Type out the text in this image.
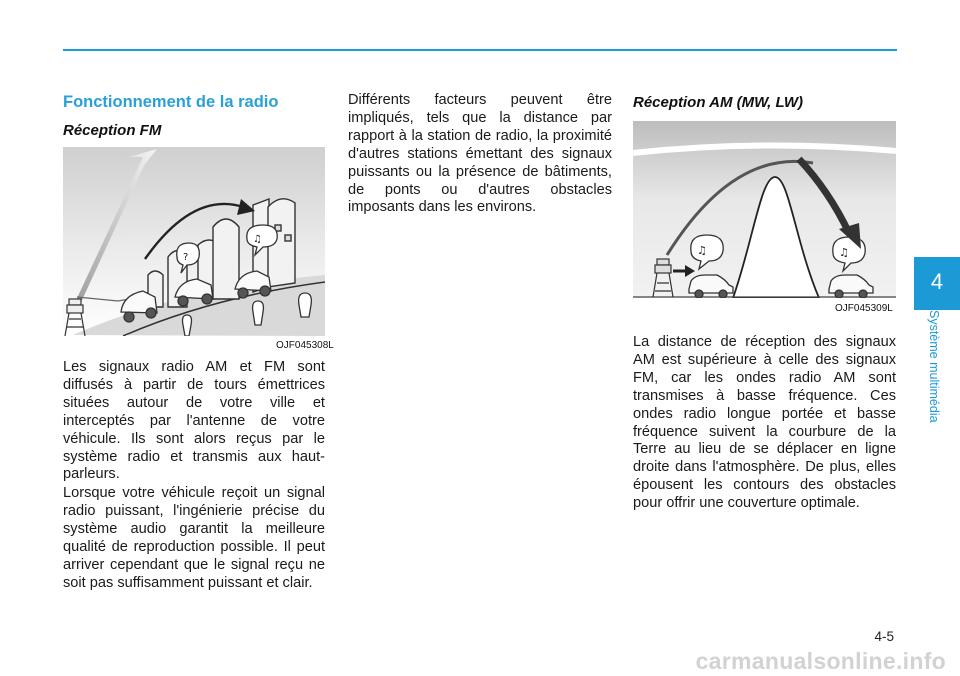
Fonctionnement de la radio
Réception FM
?
♫
OJF045308L

Les signaux radio AM et FM sont diffusés à partir de tours émettrices situées autour de votre ville et interceptés par l'antenne de votre véhicule. Ils sont alors reçus par le système radio et transmis aux haut-parleurs.

Lorsque votre véhicule reçoit un signal radio puissant, l'ingénierie précise du système audio garantit la meilleure qualité de reproduction possible. Il peut arriver cependant que le signal reçu ne soit pas suffisamment puissant et clair.

Différents facteurs peuvent être impliqués, tels que la distance par rapport à la station de radio, la proximité d'autres stations émettant des signaux puissants ou la présence de bâtiments, de ponts ou d'autres obstacles imposants dans les environs.

Réception AM (MW, LW)
♫	♫
OJF045309L

La distance de réception des signaux AM est supérieure à celle des signaux FM, car les ondes radio AM sont transmises à basse fréquence. Ces ondes radio longue portée et basse fréquence suivent la courbure de la Terre au lieu de se déplacer en ligne droite dans l'atmosphère. De plus, elles épousent les contours des obstacles pour offrir une couverture optimale.

4
Système multimédia
4-5
carmanualsonline.info
